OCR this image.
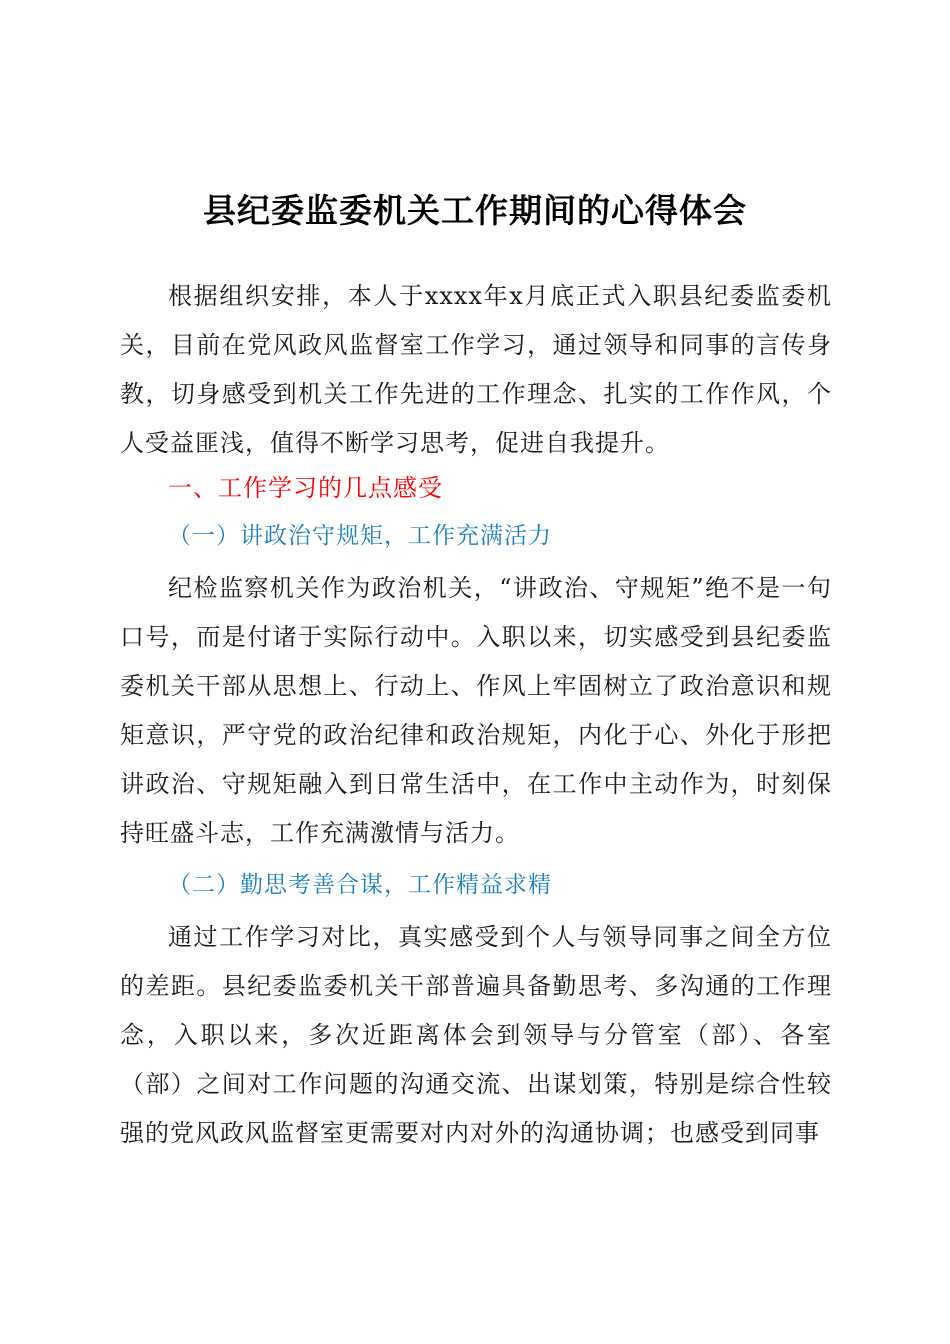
县纪委监委机关工作期间的心得体会

根据组织安排，本人于xxxx年x月底正式入职县纪委监委机关，目前在党风政风监督室工作学习，通过领导和同事的言传身教，切身感受到机关工作先进的工作理念、扎实的工作作风，个人受益匪浅，值得不断学习思考，促进自我提升。

一、工作学习的几点感受
（一）讲政治守规矩，工作充满活力

纪检监察机关作为政治机关，“讲政治、守规矩”绝不是一句口号，而是付诸于实际行动中。入职以来，切实感受到县纪委监委机关干部从思想上、行动上、作风上牢固树立了政治意识和规矩意识，严守党的政治纪律和政治规矩，内化于心、外化于形把讲政治、守规矩融入到日常生活中，在工作中主动作为，时刻保持旺盛斗志，工作充满激情与活力。

（二）勤思考善合谋，工作精益求精

通过工作学习对比，真实感受到个人与领导同事之间全方位的差距。县纪委监委机关干部普遍具备勤思考、多沟通的工作理念，入职以来，多次近距离体会到领导与分管室（部）、各室（部）之间对工作问题的沟通交流、出谋划策，特别是综合性较强的党风政风监督室更需要对内对外的沟通协调；也感受到同事
